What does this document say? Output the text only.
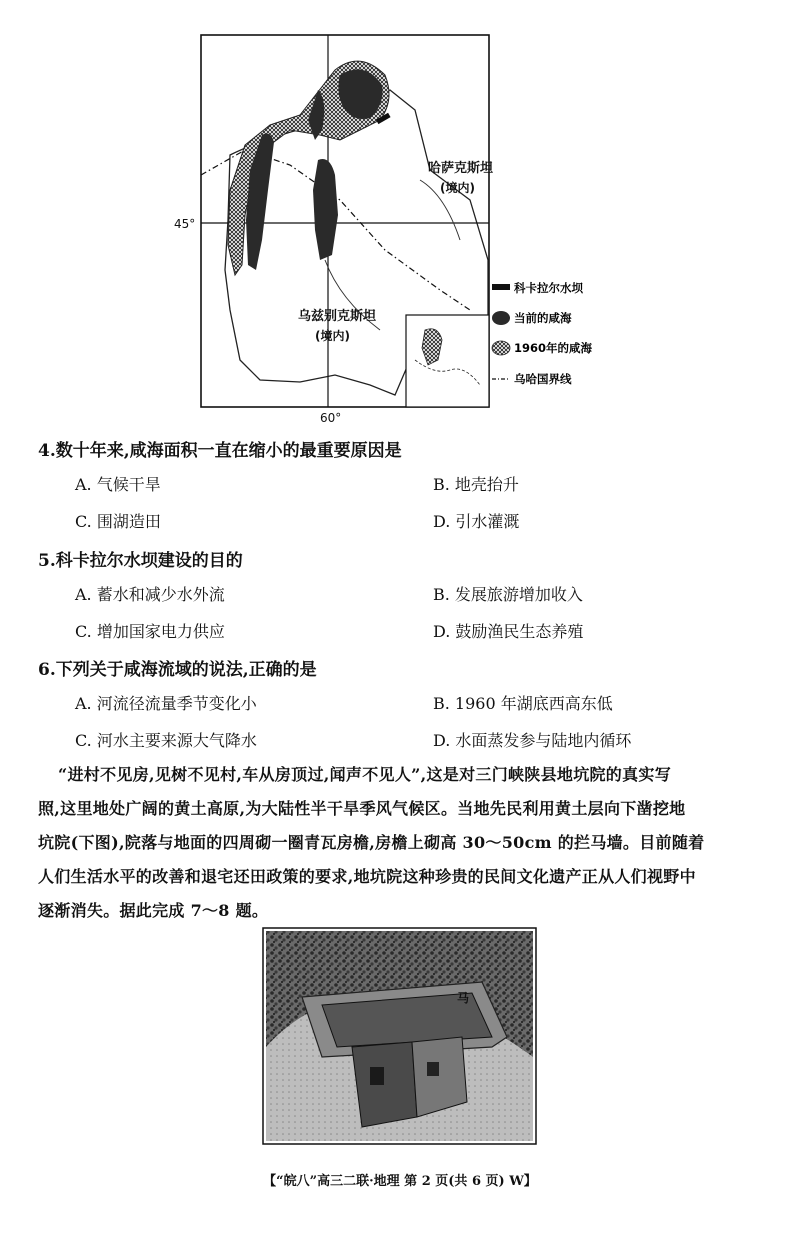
哈萨克斯坦
(境内)
乌兹别克斯坦
(境内)
45°
60°
科卡拉尔水坝
当前的咸海
1960年的咸海
乌哈国界线
4.数十年来,咸海面积一直在缩小的最重要原因是
A. 气候干旱	B. 地壳抬升
C. 围湖造田	D. 引水灌溉
5.科卡拉尔水坝建设的目的
A. 蓄水和减少水外流	B. 发展旅游增加收入
C. 增加国家电力供应	D. 鼓励渔民生态养殖
6.下列关于咸海流域的说法,正确的是
A. 河流径流量季节变化小	B. 1960 年湖底西高东低
C. 河水主要来源大气降水	D. 水面蒸发参与陆地内循环
“进村不见房,见树不见村,车从房顶过,闻声不见人”,这是对三门峡陕县地坑院的真实写
照,这里地处广阔的黄土高原,为大陆性半干旱季风气候区。当地先民利用黄土层向下凿挖地
坑院(下图),院落与地面的四周砌一圈青瓦房檐,房檐上砌高 30～50cm 的拦马墙。目前随着
人们生活水平的改善和退宅还田政策的要求,地坑院这种珍贵的民间文化遗产正从人们视野中
逐渐消失。据此完成 7～8 题。
马
【“皖八”高三二联·地理 第 2 页(共 6 页) W】
